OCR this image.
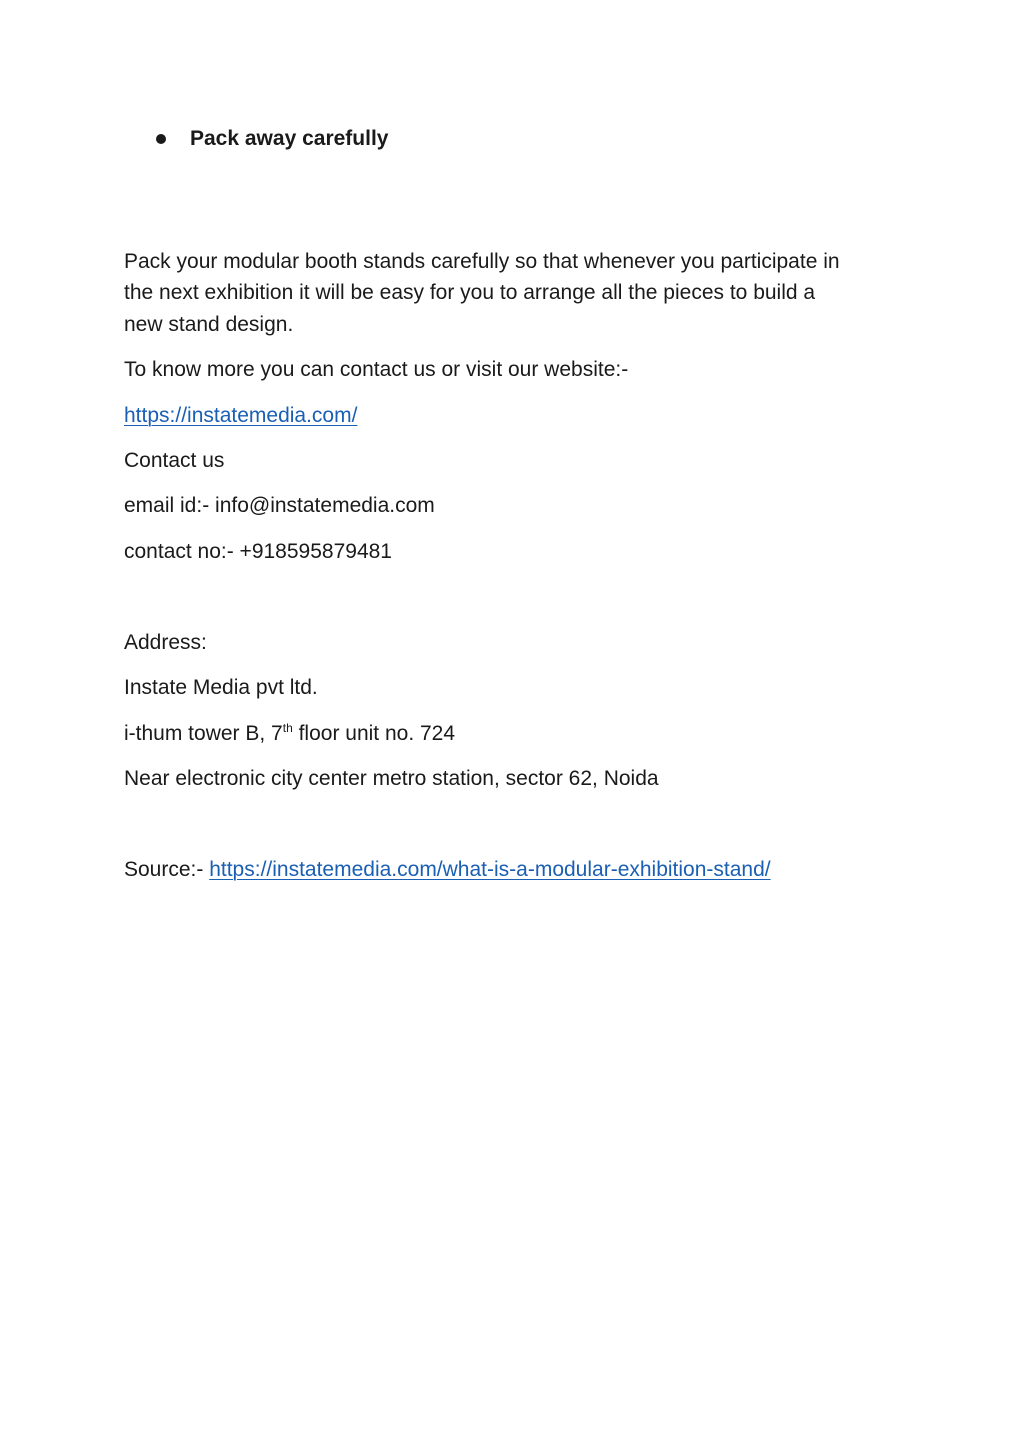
Pack away carefully
Pack your modular booth stands carefully so that whenever you participate in
the next exhibition it will be easy for you to arrange all the pieces to build a
new stand design.
To know more you can contact us or visit our website:-
https://instatemedia.com/
Contact us
email id:- info@instatemedia.com
contact no:- +918595879481
Address:
Instate Media pvt ltd.
i-thum tower B, 7th floor unit no. 724
Near electronic city center metro station, sector 62, Noida
Source:- https://instatemedia.com/what-is-a-modular-exhibition-stand/
